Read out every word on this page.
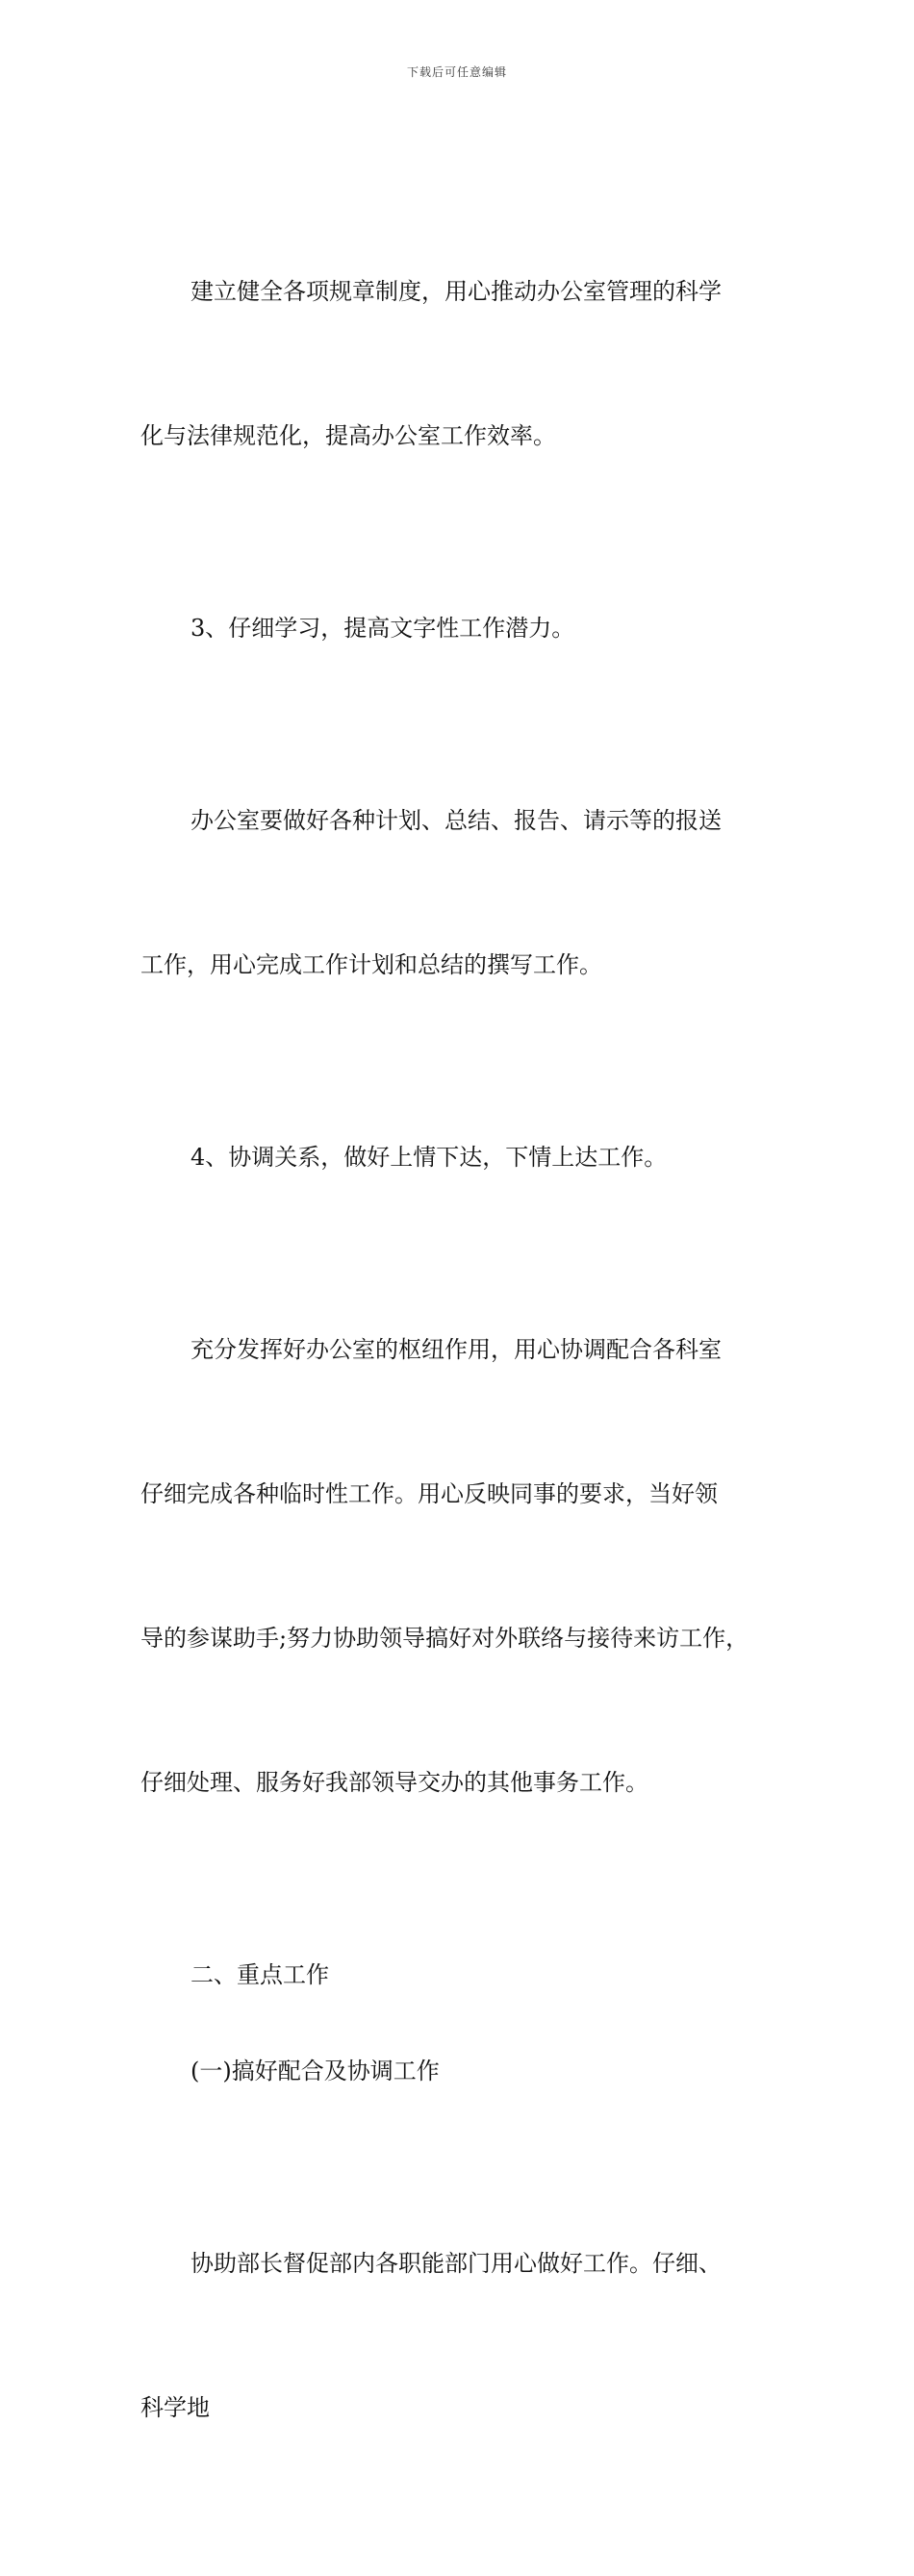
下载后可任意编辑

建立健全各项规章制度，用心推动办公室管理的科学

化与法律规范化，提高办公室工作效率。

3、仔细学习，提高文字性工作潜力。

办公室要做好各种计划、总结、报告、请示等的报送

工作，用心完成工作计划和总结的撰写工作。

4、协调关系，做好上情下达，下情上达工作。

充分发挥好办公室的枢纽作用，用心协调配合各科室

仔细完成各种临时性工作。用心反映同事的要求，当好领

导的参谋助手;努力协助领导搞好对外联络与接待来访工作，

仔细处理、服务好我部领导交办的其他事务工作。

二、重点工作
(一)搞好配合及协调工作

协助部长督促部内各职能部门用心做好工作。仔细、

科学地
